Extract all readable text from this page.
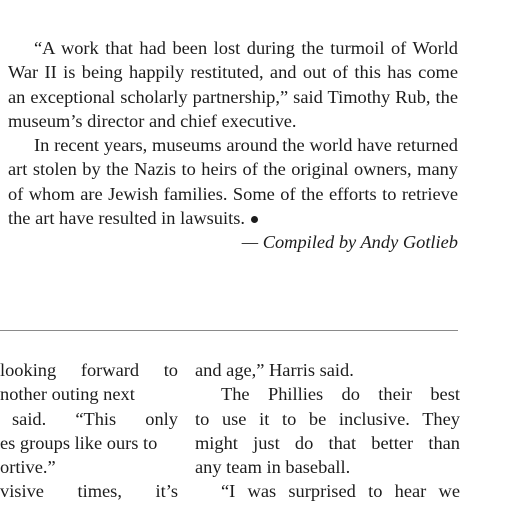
“A work that had been lost during the turmoil of World War II is being happily restituted, and out of this has come an exceptional scholarly partnership,” said Timothy Rub, the museum’s director and chief executive.

In recent years, museums around the world have returned art stolen by the Nazis to heirs of the original owners, many of whom are Jewish families. Some of the efforts to retrieve the art have resulted in lawsuits.

— Compiled by Andy Gotlieb

looking forward to
nother outing next
said. “This only
es groups like ours to
ortive.”
visive times, it’s
and age,” Harris said.
The Phillies do their best
to use it to be inclusive. They
might just do that better than
any team in baseball.
“I was surprised to hear we
